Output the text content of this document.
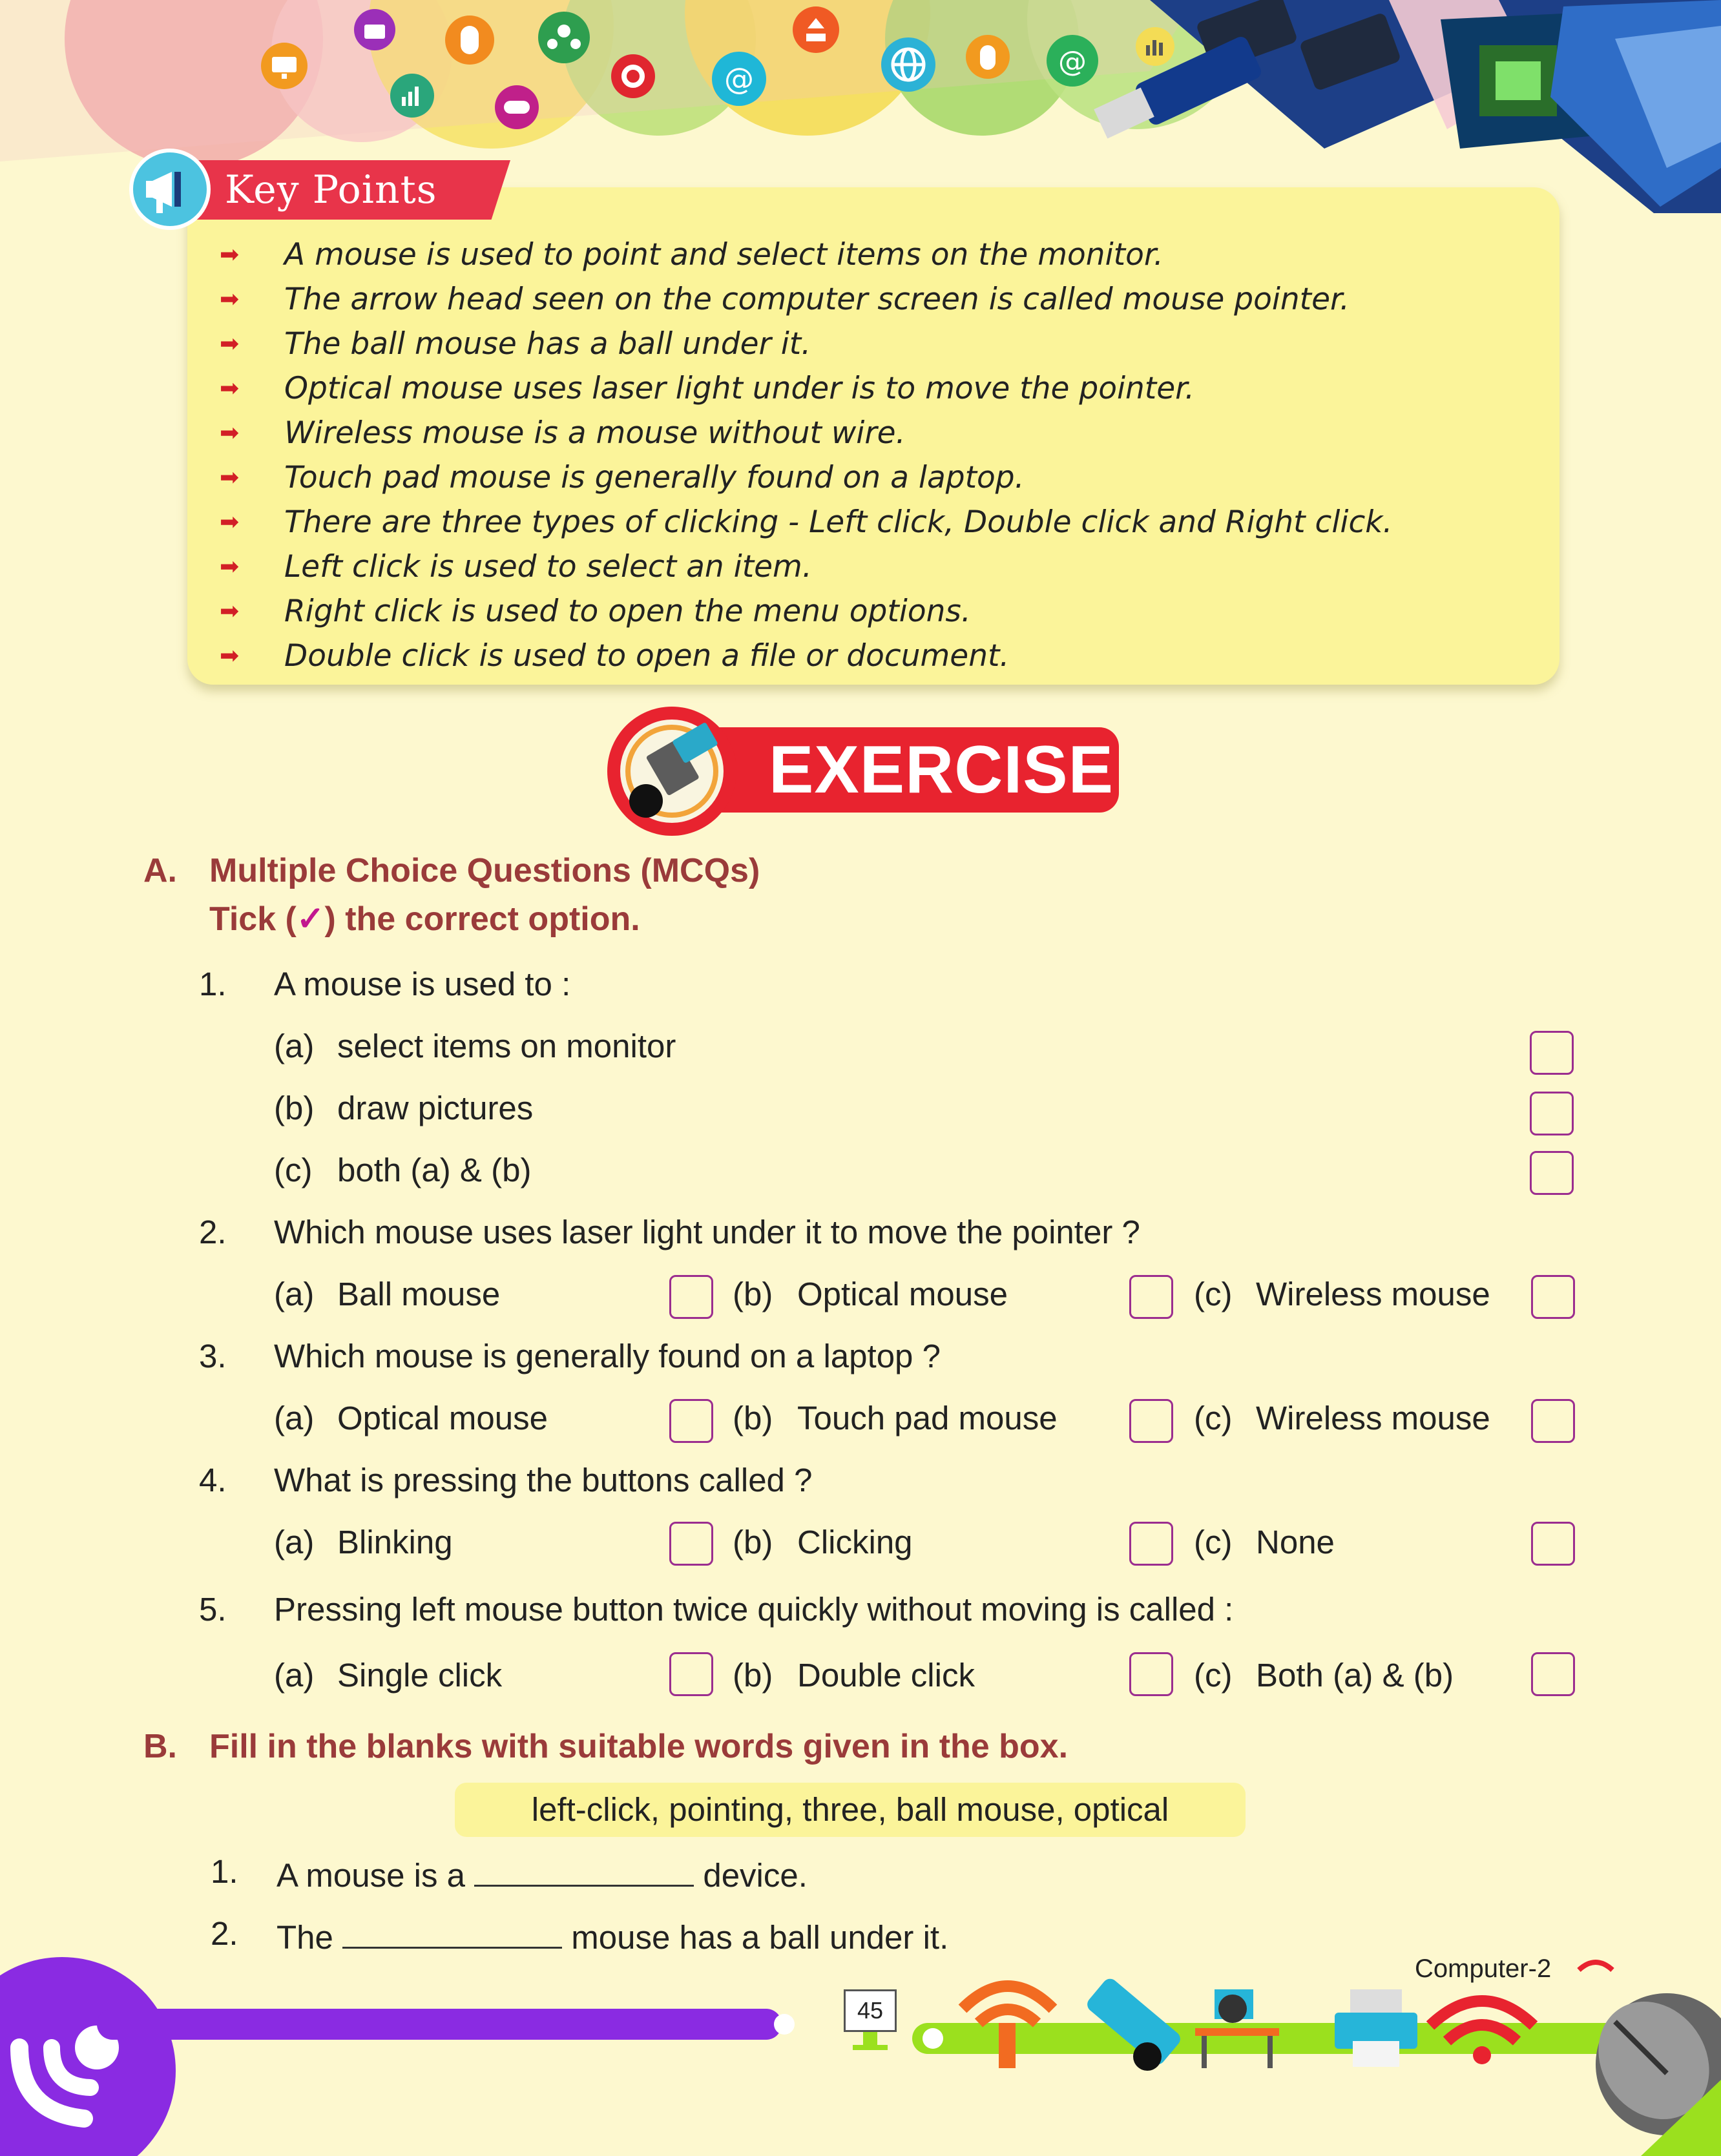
@	@
Key Points
➡ A mouse is used to point and select items on the monitor.
➡ The arrow head seen on the computer screen is called mouse pointer.
➡ The ball mouse has a ball under it.
➡ Optical mouse uses laser light under is to move the pointer.
➡ Wireless mouse is a mouse without wire.
➡ Touch pad mouse is generally found on a laptop.
➡ There are three types of clicking - Left click, Double click and Right click.
➡ Left click is used to select an item.
➡ Right click is used to open the menu options.
➡ Double click is used to open a file or document.
EXERCISE
A. Multiple Choice Questions (MCQs)
Tick (✓) the correct option.
1. A mouse is used to :
(a) select items on monitor
(b) draw pictures
(c) both (a) & (b)
2. Which mouse uses laser light under it to move the pointer ?
(a) Ball mouse	(b) Optical mouse	(c) Wireless mouse
3. Which mouse is generally found on a laptop ?
(a) Optical mouse	(b) Touch pad mouse	(c) Wireless mouse
4. What is pressing the buttons called ?
(a) Blinking	(b) Clicking	(c) None
5. Pressing left mouse button twice quickly without moving is called :
(a) Single click	(b) Double click	(c) Both (a) & (b)
B. Fill in the blanks with suitable words given in the box.
left-click, pointing, three, ball mouse, optical
1. A mouse is a	device.
2. The	mouse has a ball under it.
45
Computer-2
